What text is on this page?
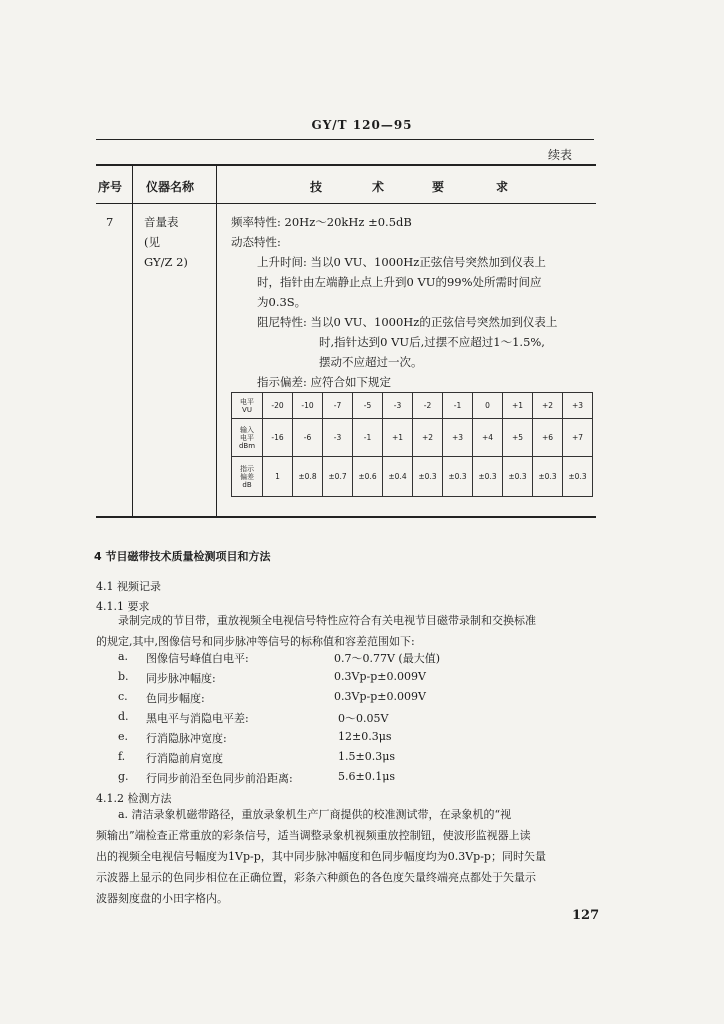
GY/T 120—95
续表
序号 仪器名称	技	术	要	求
7	音量表
(见
GY/Z 2)
频率特性: 20Hz～20kHz ±0.5dB
动态特性:
上升时间: 当以0 VU、1000Hz正弦信号突然加到仪表上
时，指针由左端静止点上升到0 VU的99%处所需时间应
为0.3S。
阻尼特性: 当以0 VU、1000Hz的正弦信号突然加到仪表上
时,指针达到0 VU后,过摆不应超过1～1.5%,
摆动不应超过一次。
指示偏差: 应符合如下规定
电平
VU	-20	-10	-7	-5	-3	-2	-1	0	+1	+2	+3

输入
电平
dBm	-16	-6	-3	-1	+1	+2	+3	+4	+5	+6	+7

指示
偏差
dB	1	±0.8	±0.7	±0.6	±0.4	±0.3	±0.3	±0.3	±0.3	±0.3	±0.3
4 节目磁带技术质量检测项目和方法
4.1 视频记录
4.1.1 要求
录制完成的节目带，重放视频全电视信号特性应符合有关电视节目磁带录制和交换标准
的规定,其中,图像信号和同步脉冲等信号的标称值和容差范围如下:
a. 图像信号峰值白电平:	0.7～0.77V (最大值)
b. 同步脉冲幅度:	0.3Vp-p±0.009V
c. 色同步幅度:	0.3Vp-p±0.009V
d. 黑电平与消隐电平差:	0～0.05V
e. 行消隐脉冲宽度:	12±0.3μs
f. 行消隐前肩宽度	1.5±0.3μs
g. 行同步前沿至色同步前沿距离:	5.6±0.1μs
4.1.2 检测方法
a. 清洁录象机磁带路径，重放录象机生产厂商提供的校准测试带，在录象机的“视
频输出”端检查正常重放的彩条信号，适当调整录象机视频重放控制钮，使波形监视器上读
出的视频全电视信号幅度为1Vp-p，其中同步脉冲幅度和色同步幅度均为0.3Vp-p；同时矢量
示波器上显示的色同步相位在正确位置，彩条六种颜色的各色度矢量终端亮点都处于矢量示
波器刻度盘的小田字格内。
127
